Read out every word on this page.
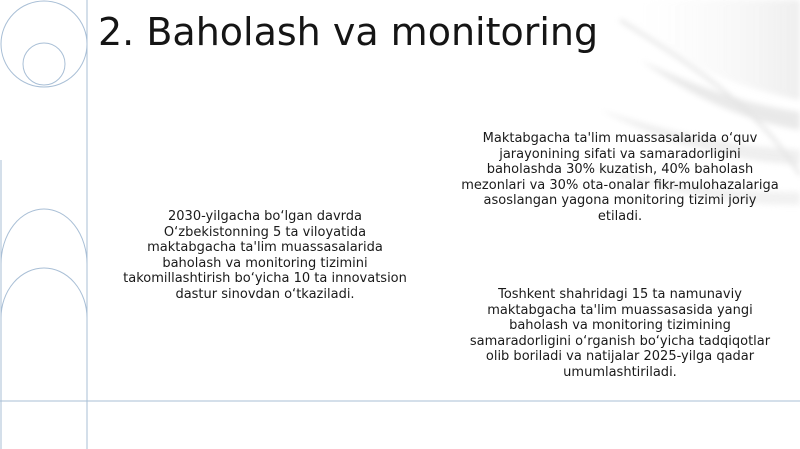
2. Baholash va monitoring

2030-yilgacha bo‘lgan davrda O‘zbekistonning 5 ta viloyatida maktabgacha ta'lim muassasalarida baholash va monitoring tizimini takomillashtirish bo‘yicha 10 ta innovatsion dastur sinovdan o‘tkaziladi.

Maktabgacha ta'lim muassasalarida o‘quv jarayonining sifati va samaradorligini baholashda 30% kuzatish, 40% baholash mezonlari va 30% ota-onalar fikr-mulohazalariga asoslangan yagona monitoring tizimi joriy etiladi.

Toshkent shahridagi 15 ta namunaviy maktabgacha ta'lim muassasasida yangi baholash va monitoring tizimining samaradorligini o‘rganish bo‘yicha tadqiqotlar olib boriladi va natijalar 2025-yilga qadar umumlashtiriladi.
